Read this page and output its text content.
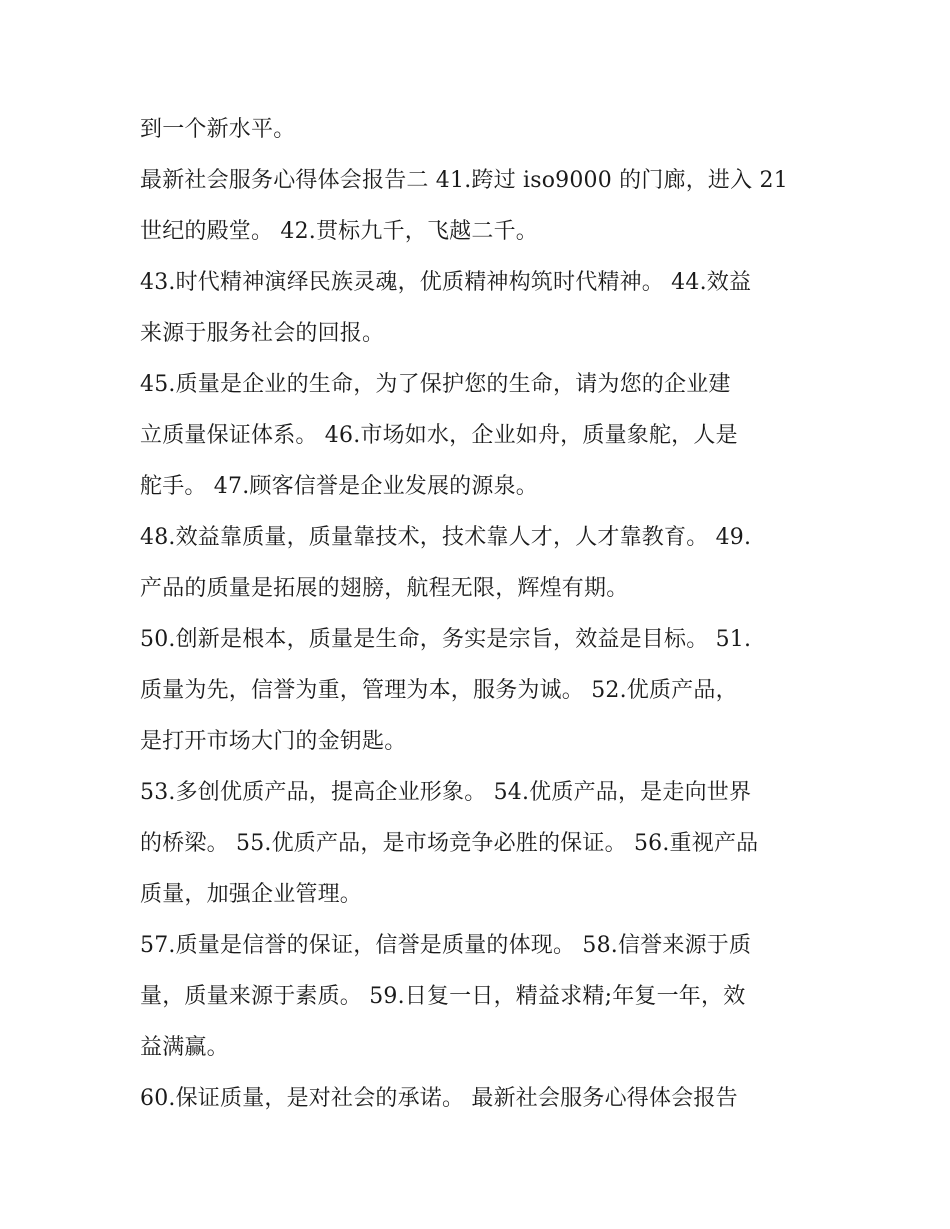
到一个新水平。
最新社会服务心得体会报告二 41.跨过 iso9000 的门廊，进入 21
世纪的殿堂。 42.贯标九千，飞越二千。
43.时代精神演绎民族灵魂，优质精神构筑时代精神。 44.效益
来源于服务社会的回报。
45.质量是企业的生命，为了保护您的生命，请为您的企业建
立质量保证体系。 46.市场如水，企业如舟，质量象舵，人是
舵手。 47.顾客信誉是企业发展的源泉。
48.效益靠质量，质量靠技术，技术靠人才，人才靠教育。 49.
产品的质量是拓展的翅膀，航程无限，辉煌有期。
50.创新是根本，质量是生命，务实是宗旨，效益是目标。 51.
质量为先，信誉为重，管理为本，服务为诚。 52.优质产品，
是打开市场大门的金钥匙。
53.多创优质产品，提高企业形象。 54.优质产品，是走向世界
的桥梁。 55.优质产品，是市场竞争必胜的保证。 56.重视产品
质量，加强企业管理。
57.质量是信誉的保证，信誉是质量的体现。 58.信誉来源于质
量，质量来源于素质。 59.日复一日，精益求精;年复一年，效
益满赢。
60.保证质量，是对社会的承诺。 最新社会服务心得体会报告
